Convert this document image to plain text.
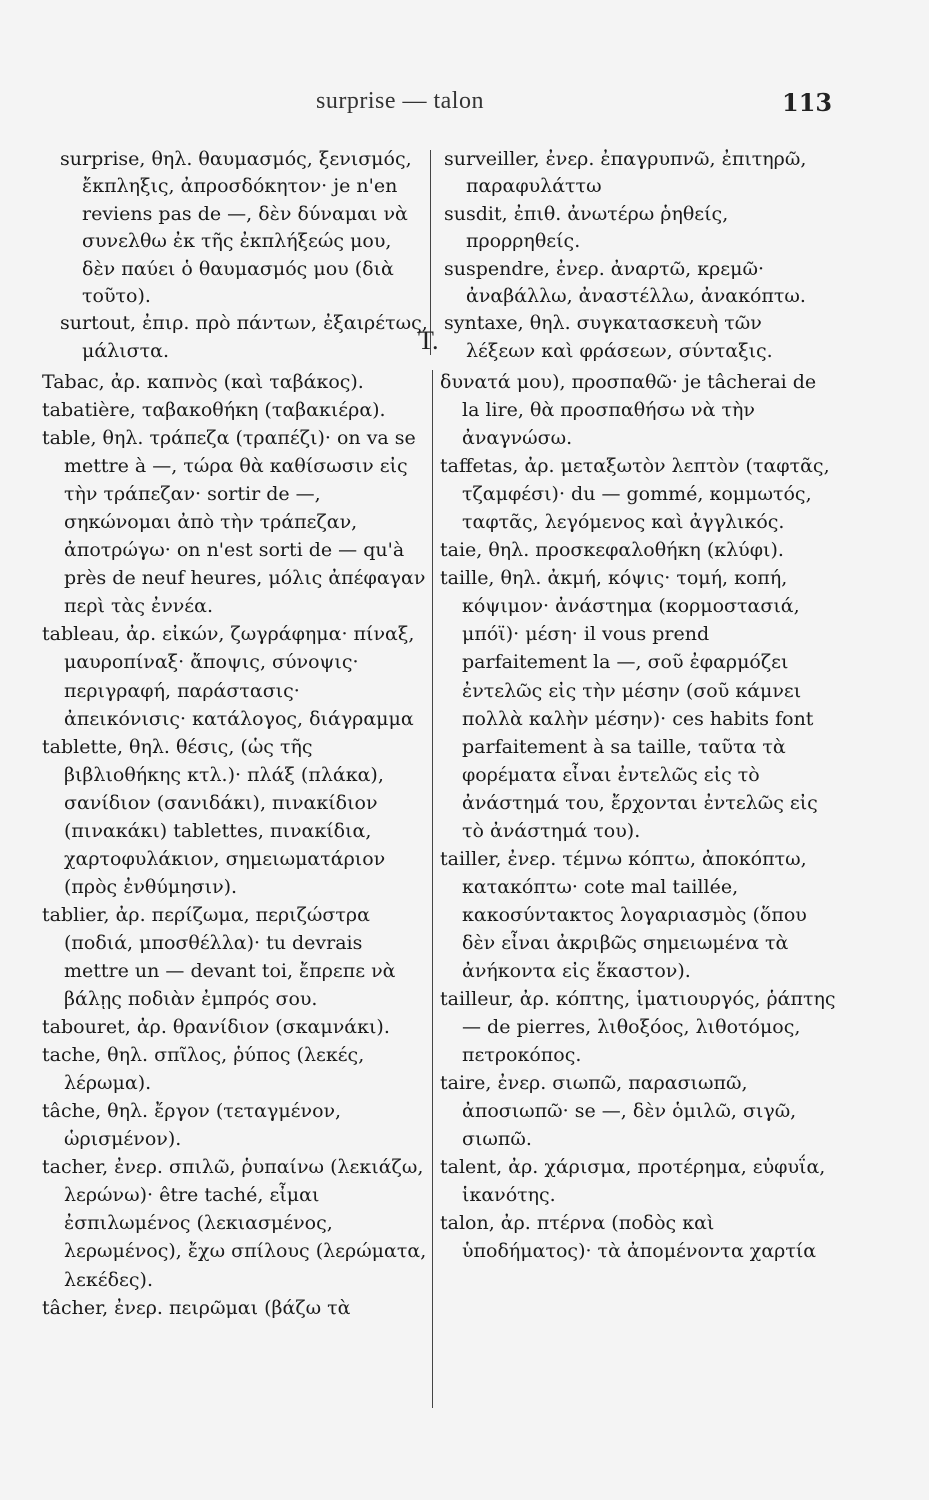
surprise — talon	113

surprise, θηλ. θαυμασμός, ξενισμός, ἔκπληξις, ἀπροσδόκητον· je n'en reviens pas de —, δὲν δύναμαι νὰ συνελθω ἐκ τῆς ἐκπλήξεώς μου, δὲν παύει ὁ θαυμασμός μου (διὰ τοῦτο).

surtout, ἐπιρ. πρὸ πάντων, ἐξαιρέτως, μάλιστα.

surveiller, ἐνερ. ἐπαγρυπνῶ, ἐπιτηρῶ, παραφυλάττω

susdit, ἐπιθ. ἀνωτέρω ῥηθείς, προρρηθείς.

suspendre, ἐνερ. ἀναρτῶ, κρεμῶ· ἀναβάλλω, ἀναστέλλω, ἀνακόπτω.

syntaxe, θηλ. συγκατασκευὴ τῶν λέξεων καὶ φράσεων, σύνταξις.

T.

Tabac, ἀρ. καπνὸς (καὶ ταβάκος).

tabatière, ταβακοθήκη (ταβακιέρα).

table, θηλ. τράπεζα (τραπέζι)· on va se mettre à —, τώρα θὰ καθίσωσιν εἰς τὴν τράπεζαν· sortir de —, σηκώνομαι ἀπὸ τὴν τράπεζαν, ἀποτρώγω· on n'est sorti de — qu'à près de neuf heures, μόλις ἀπέφαγαν περὶ τὰς ἐννέα.

tableau, ἀρ. εἰκών, ζωγράφημα· πίναξ, μαυροπίναξ· ἄποψις, σύνοψις· περιγραφή, παράστασις· ἀπεικόνισις· κατάλογος, διάγραμμα

tablette, θηλ. θέσις, (ὡς τῆς βιβλιοθήκης κτλ.)· πλάξ (πλάκα), σανίδιον (σανιδάκι), πινακίδιον (πινακάκι) tablettes, πινακίδια, χαρτοφυλάκιον, σημειωματάριον (πρὸς ἐνθύμησιν).

tablier, ἀρ. περίζωμα, περιζώστρα (ποδιά, μποσθέλλα)· tu devrais mettre un — devant toi, ἔπρεπε νὰ βάλῃς ποδιὰν ἐμπρός σου.

tabouret, ἀρ. θρανίδιον (σκαμνάκι).

tache, θηλ. σπῖλος, ῥύπος (λεκές, λέρωμα).

tâche, θηλ. ἔργον (τεταγμένον, ὡρισμένον).

tacher, ἐνερ. σπιλῶ, ῥυπαίνω (λεκιάζω, λερώνω)· être taché, εἶμαι ἐσπιλωμένος (λεκιασμένος, λερωμένος), ἔχω σπίλους (λερώματα, λεκέδες).

tâcher, ἐνερ. πειρῶμαι (βάζω τὰ

δυνατά μου), προσπαθῶ· je tâcherai de la lire, θὰ προσπαθήσω νὰ τὴν ἀναγνώσω.

taffetas, ἀρ. μεταξωτὸν λεπτὸν (ταφτᾶς, τζαμφέσι)· du — gommé, κομμωτός, ταφτᾶς, λεγόμενος καὶ ἀγγλικός.

taie, θηλ. προσκεφαλοθήκη (κλύφι).

taille, θηλ. ἀκμή, κόψις· τομή, κοπή, κόψιμον· ἀνάστημα (κορμοστασιά, μπόϊ)· μέση· il vous prend parfaitement la —, σοῦ ἐφαρμόζει ἐντελῶς εἰς τὴν μέσην (σοῦ κάμνει πολλὰ καλὴν μέσην)· ces habits font parfaitement à sa taille, ταῦτα τὰ φορέματα εἶναι ἐντελῶς εἰς τὸ ἀνάστημά του, ἔρχονται ἐντελῶς εἰς τὸ ἀνάστημά του).

tailler, ἐνερ. τέμνω κόπτω, ἀποκόπτω, κατακόπτω· cote mal taillée, κακοσύντακτος λογαριασμὸς (ὅπου δὲν εἶναι ἀκριβῶς σημειωμένα τὰ ἀνήκοντα εἰς ἕκαστον).

tailleur, ἀρ. κόπτης, ἱματιουργός, ῥάπτης — de pierres, λιθοξόος, λιθοτόμος, πετροκόπος.

taire, ἐνερ. σιωπῶ, παρασιωπῶ, ἀποσιωπῶ· se —, δὲν ὁμιλῶ, σιγῶ, σιωπῶ.

talent, ἀρ. χάρισμα, προτέρημα, εὐφυΐα, ἱκανότης.

talon, ἀρ. πτέρνα (ποδὸς καὶ ὑποδήματος)· τὰ ἀπομένοντα χαρτία
